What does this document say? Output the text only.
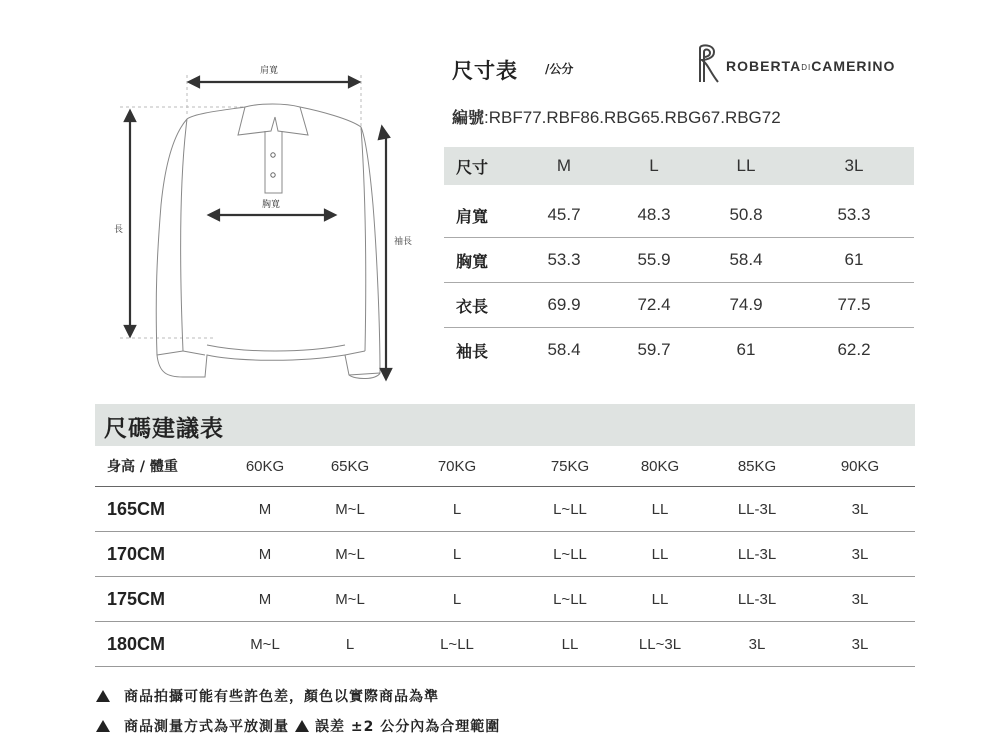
肩寬
胸寬
長
袖長
尺寸表 /公分	ROBERTADICAMERINO
編號:RBF77.RBF86.RBG65.RBG67.RBG72
尺寸	M	L	LL	3L
肩寬	45.7	48.3	50.8	53.3
胸寬	53.3	55.9	58.4	61
衣長	69.9	72.4	74.9	77.5
袖長	58.4	59.7	61	62.2
尺碼建議表
身高 / 體重	60KG	65KG	70KG	75KG	80KG	85KG	90KG
165CM	M	M~L	L	L~LL	LL	LL-3L	3L
170CM	M	M~L	L	L~LL	LL	LL-3L	3L
175CM	M	M~L	L	L~LL	LL	LL-3L	3L
180CM	M~L	L	L~LL	LL	LL~3L	3L	3L
商品拍攝可能有些許色差，顏色以實際商品為準
商品測量方式為平放測量 誤差 ±2 公分內為合理範圍
